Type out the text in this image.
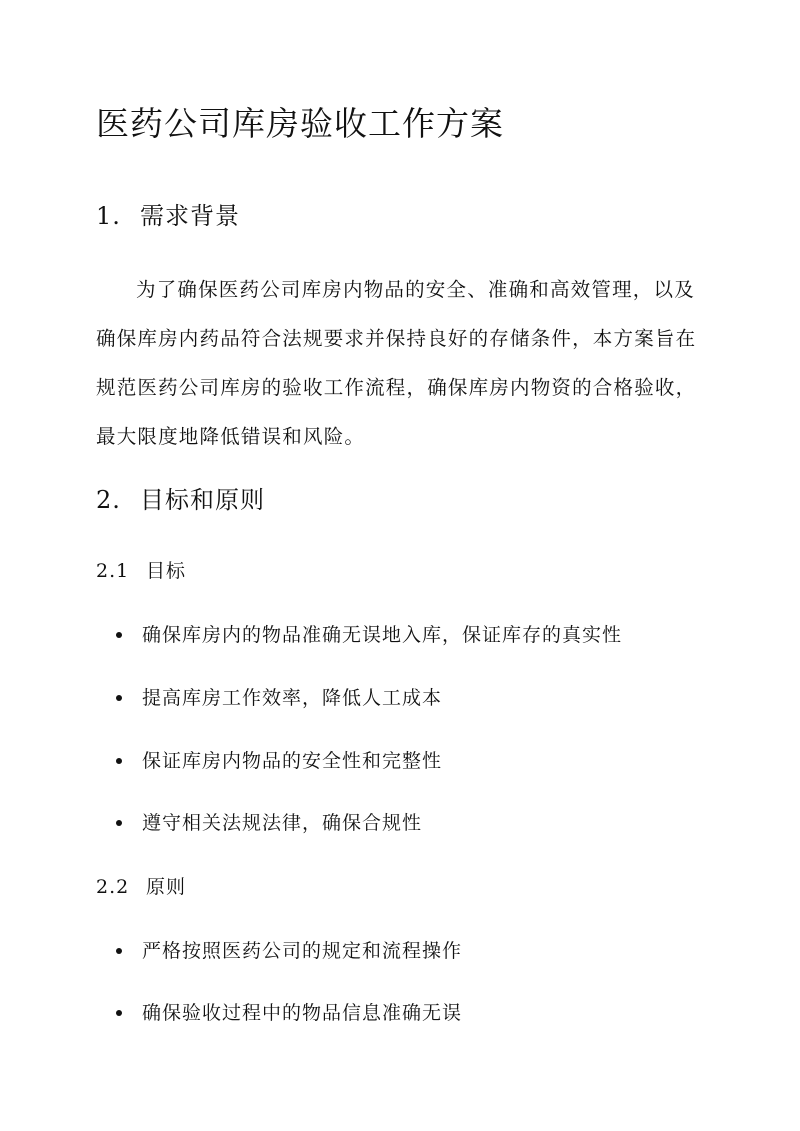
医药公司库房验收工作方案
1. 需求背景

为了确保医药公司库房内物品的安全、准确和高效管理，以及确保库房内药品符合法规要求并保持良好的存储条件，本方案旨在规范医药公司库房的验收工作流程，确保库房内物资的合格验收，最大限度地降低错误和风险。

2. 目标和原则
2.1 目标

确保库房内的物品准确无误地入库，保证库存的真实性

提高库房工作效率，降低人工成本

保证库房内物品的安全性和完整性

遵守相关法规法律，确保合规性

2.2 原则

严格按照医药公司的规定和流程操作

确保验收过程中的物品信息准确无误
